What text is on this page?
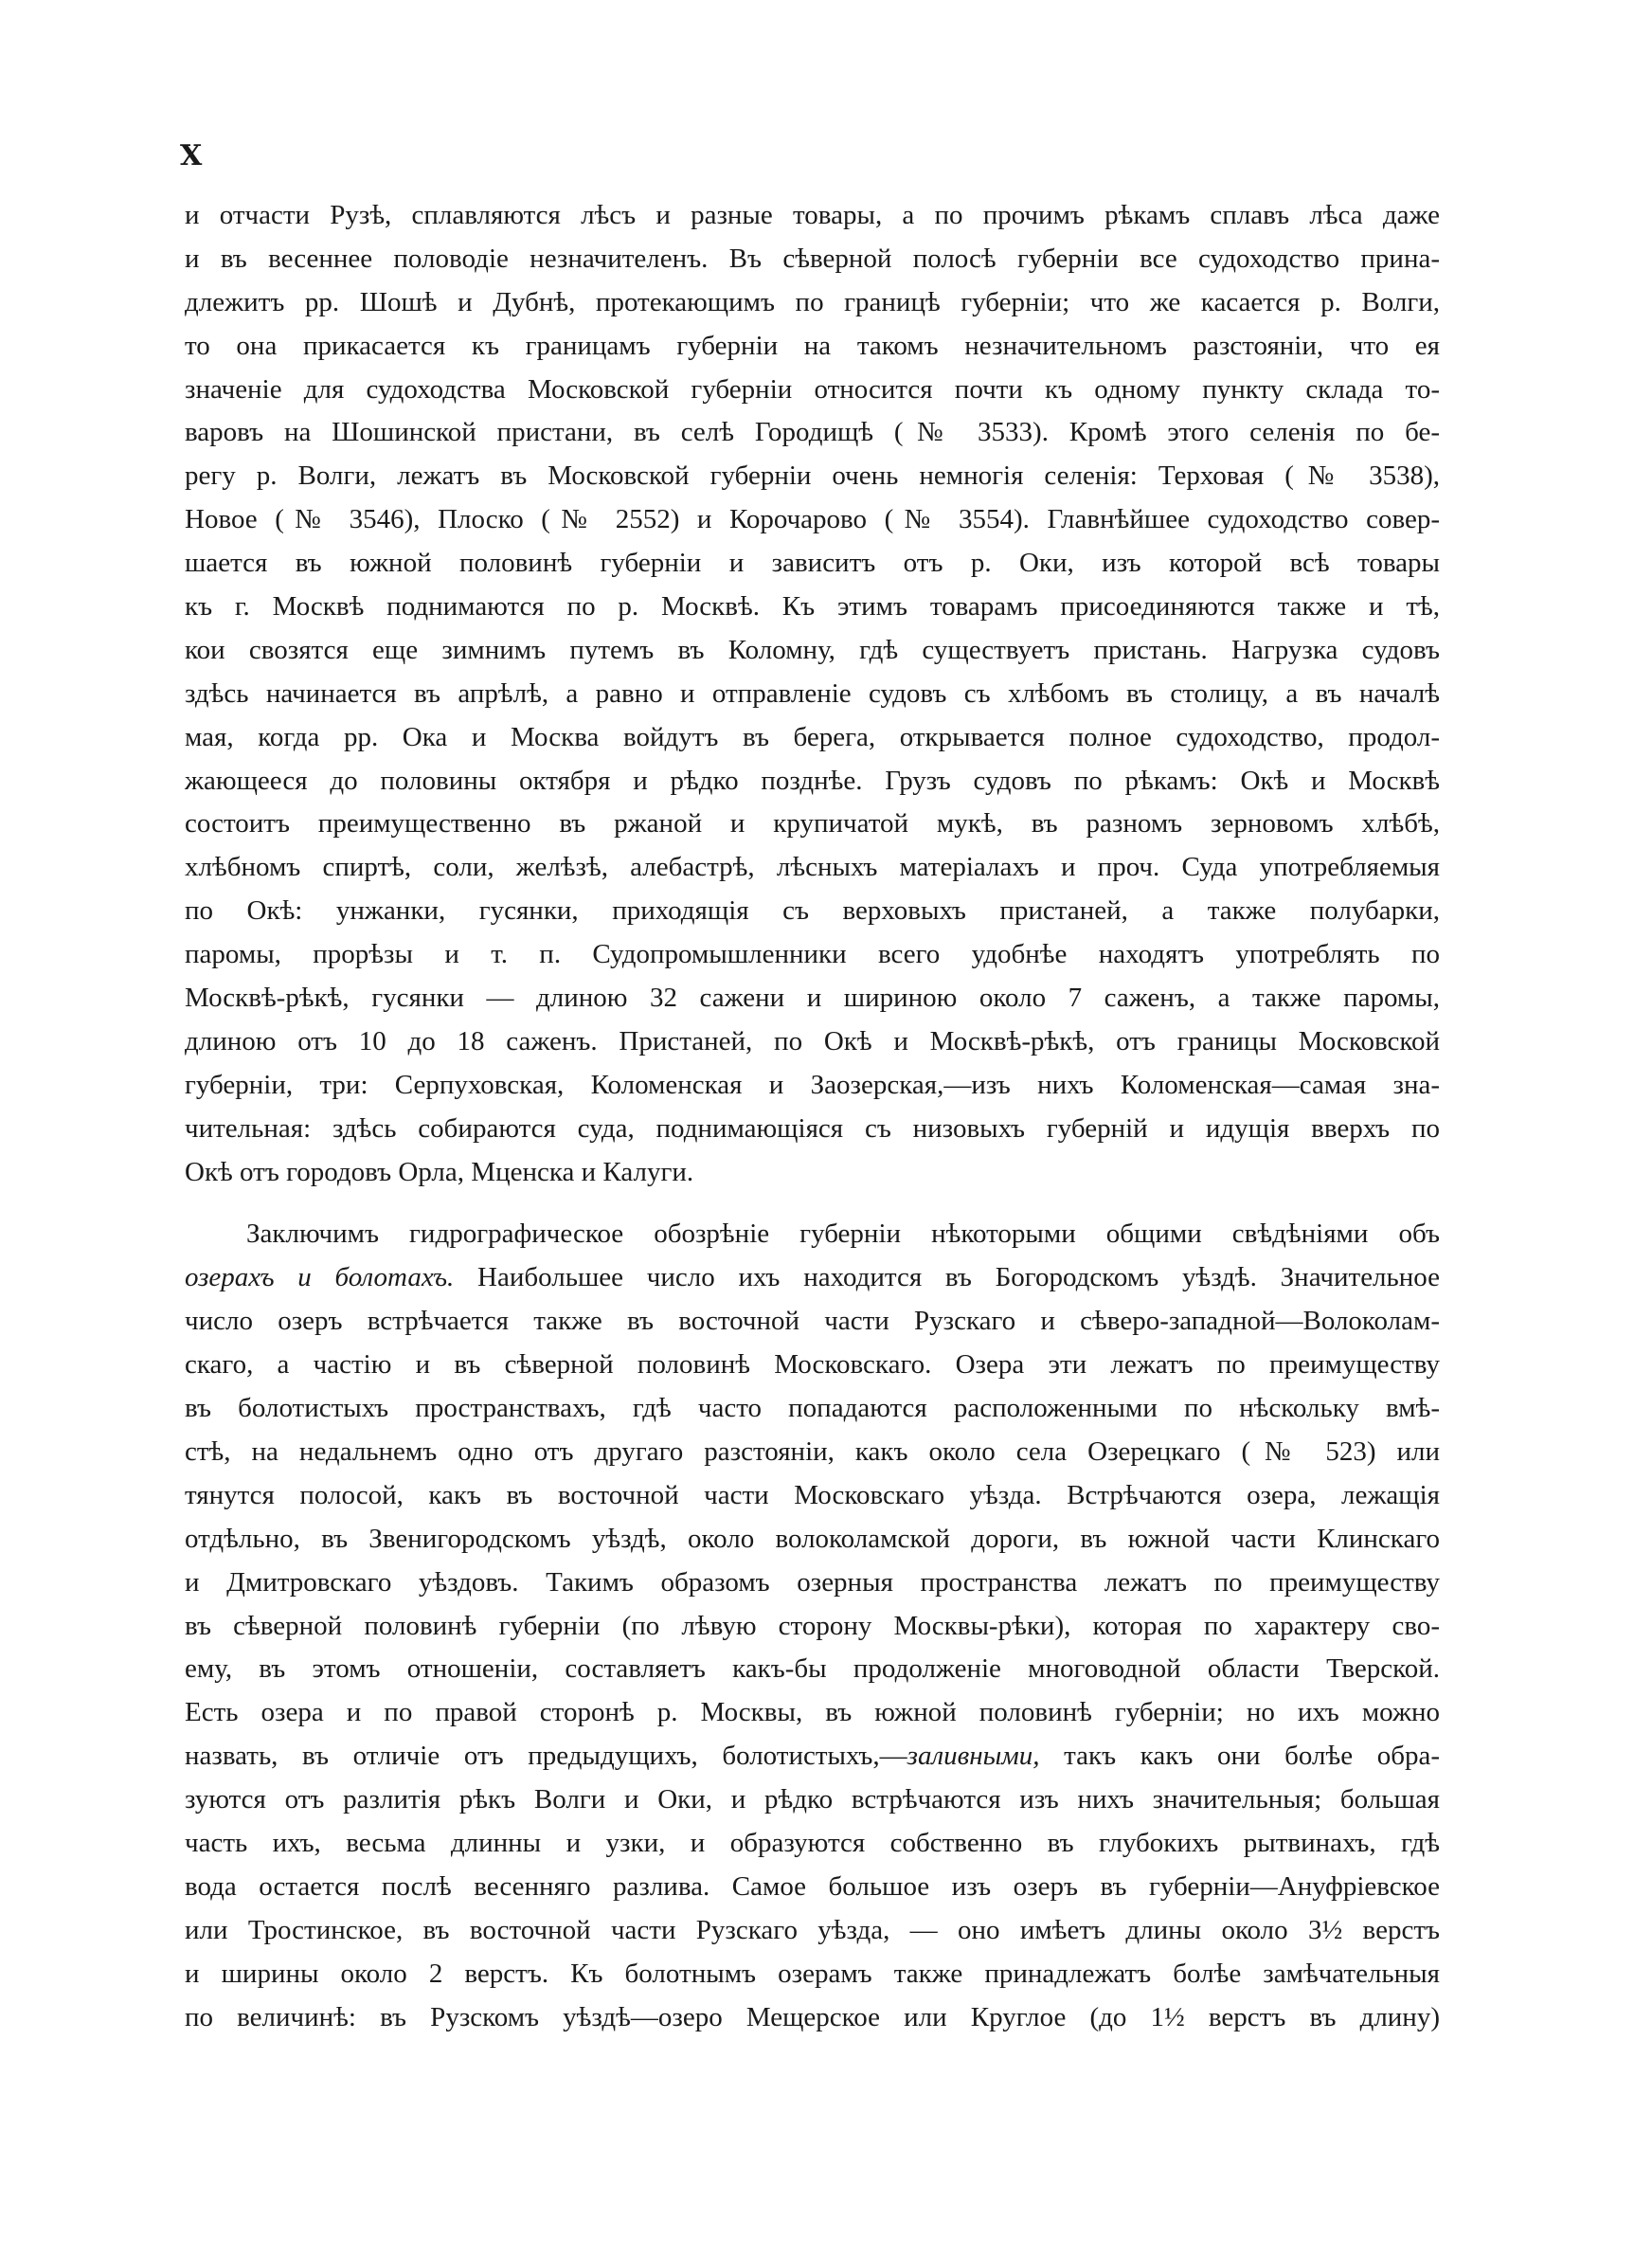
X
и отчасти Рузѣ, сплавляются лѣсъ и разные товары, а по прочимъ рѣкамъ сплавъ лѣса даже
и въ весеннее половодіе незначителенъ. Въ сѣверной полосѣ губерніи все судоходство прина-
длежитъ рр. Шошѣ и Дубнѣ, протекающимъ по границѣ губерніи; что же касается р. Волги,
то она прикасается къ границамъ губерніи на такомъ незначительномъ разстояніи, что ея
значеніе для судоходства Московской губерніи относится почти къ одному пункту склада то-
варовъ на Шошинской пристани, въ селѣ Городищѣ (№ 3533). Кромѣ этого селенія по бе-
регу р. Волги, лежатъ въ Московской губерніи очень немногія селенія: Терховая (№ 3538),
Новое (№ 3546), Плоско (№ 2552) и Корочарово (№ 3554). Главнѣйшее судоходство совер-
шается въ южной половинѣ губерніи и зависитъ отъ р. Оки, изъ которой всѣ товары
къ г. Москвѣ поднимаются по р. Москвѣ. Къ этимъ товарамъ присоединяются также и тѣ,
кои свозятся еще зимнимъ путемъ въ Коломну, гдѣ существуетъ пристань. Нагрузка судовъ
здѣсь начинается въ апрѣлѣ, а равно и отправленіе судовъ съ хлѣбомъ въ столицу, а въ началѣ
мая, когда рр. Ока и Москва войдутъ въ берега, открывается полное судоходство, продол-
жающееся до половины октября и рѣдко позднѣе. Грузъ судовъ по рѣкамъ: Окѣ и Москвѣ
состоитъ преимущественно въ ржаной и крупичатой мукѣ, въ разномъ зерновомъ хлѣбѣ,
хлѣбномъ спиртѣ, соли, желѣзѣ, алебастрѣ, лѣсныхъ матеріалахъ и проч. Суда употребляемыя
по Окѣ: унжанки, гусянки, приходящія съ верховыхъ пристаней, а также полубарки,
паромы, прорѣзы и т. п. Судопромышленники всего удобнѣе находятъ употреблять по
Москвѣ-рѣкѣ, гусянки — длиною 32 сажени и шириною около 7 саженъ, а также паромы,
длиною отъ 10 до 18 саженъ. Пристаней, по Окѣ и Москвѣ-рѣкѣ, отъ границы Московской
губерніи, три: Серпуховская, Коломенская и Заозерская,—изъ нихъ Коломенская—самая зна-
чительная: здѣсь собираются суда, поднимающіяся съ низовыхъ губерній и идущія вверхъ по
Окѣ отъ городовъ Орла, Мценска и Калуги.
Заключимъ гидрографическое обозрѣніе губерніи нѣкоторыми общими свѣдѣніями объ
озерахъ и болотахъ. Наибольшее число ихъ находится въ Богородскомъ уѣздѣ. Значительное
число озеръ встрѣчается также въ восточной части Рузскаго и сѣверо-западной—Волоколам-
скаго, а частію и въ сѣверной половинѣ Московскаго. Озера эти лежатъ по преимуществу
въ болотистыхъ пространствахъ, гдѣ часто попадаются расположенными по нѣскольку вмѣ-
стѣ, на недальнемъ одно отъ другаго разстояніи, какъ около села Озерецкаго (№ 523) или
тянутся полосой, какъ въ восточной части Московскаго уѣзда. Встрѣчаются озера, лежащія
отдѣльно, въ Звенигородскомъ уѣздѣ, около волоколамской дороги, въ южной части Клинскаго
и Дмитровскаго уѣздовъ. Такимъ образомъ озерныя пространства лежатъ по преимуществу
въ сѣверной половинѣ губерніи (по лѣвую сторону Москвы-рѣки), которая по характеру сво-
ему, въ этомъ отношеніи, составляетъ какъ-бы продолженіе многоводной области Тверской.
Есть озера и по правой сторонѣ р. Москвы, въ южной половинѣ губерніи; но ихъ можно
назвать, въ отличіе отъ предыдущихъ, болотистыхъ,—заливными, такъ какъ они болѣе обра-
зуются отъ разлитія рѣкъ Волги и Оки, и рѣдко встрѣчаются изъ нихъ значительныя; большая
часть ихъ, весьма длинны и узки, и образуются собственно въ глубокихъ рытвинахъ, гдѣ
вода остается послѣ весенняго разлива. Самое большое изъ озеръ въ губерніи—Ануфріевское
или Тростинское, въ восточной части Рузскаго уѣзда, — оно имѣетъ длины около 3½ верстъ
и ширины около 2 верстъ. Къ болотнымъ озерамъ также принадлежатъ болѣе замѣчательныя
по величинѣ: въ Рузскомъ уѣздѣ—озеро Мещерское или Круглое (до 1½ верстъ въ длину)
